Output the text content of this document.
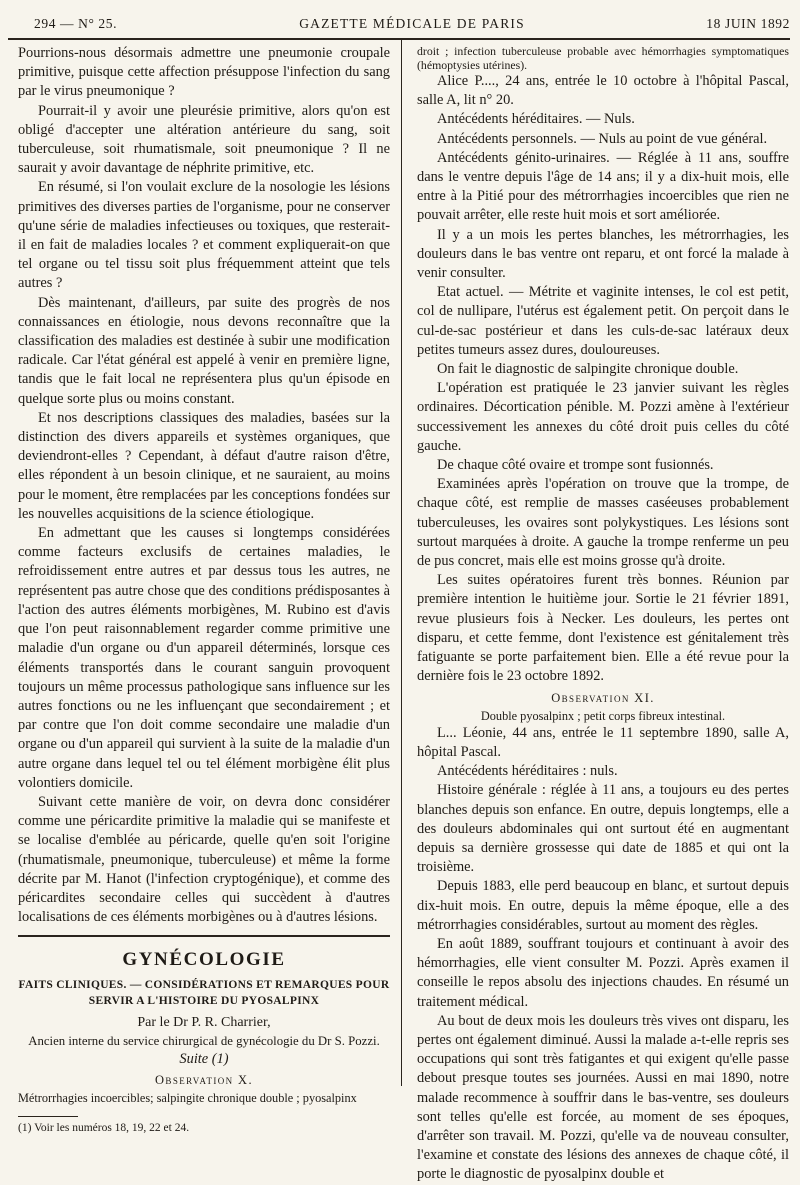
294 — N° 25.	GAZETTE MÉDICALE DE PARIS	18 JUIN 1892

Pourrions-nous désormais admettre une pneumonie croupale primitive, puisque cette affection présuppose l'infection du sang par le virus pneumonique ?

Pourrait-il y avoir une pleurésie primitive, alors qu'on est obligé d'accepter une altération antérieure du sang, soit tuberculeuse, soit rhumatismale, soit pneumonique ? Il ne saurait y avoir davantage de néphrite primitive, etc.

En résumé, si l'on voulait exclure de la nosologie les lésions primitives des diverses parties de l'organisme, pour ne conserver qu'une série de maladies infectieuses ou toxiques, que resterait-il en fait de maladies locales ? et comment expliquerait-on que tel organe ou tel tissu soit plus fréquemment atteint que tels autres ?

Dès maintenant, d'ailleurs, par suite des progrès de nos connaissances en étiologie, nous devons reconnaître que la classification des maladies est destinée à subir une modification radicale. Car l'état général est appelé à venir en première ligne, tandis que le fait local ne représentera plus qu'un épisode en quelque sorte plus ou moins constant.

Et nos descriptions classiques des maladies, basées sur la distinction des divers appareils et systèmes organiques, que deviendront-elles ? Cependant, à défaut d'autre raison d'être, elles répondent à un besoin clinique, et ne sauraient, au moins pour le moment, être remplacées par les conceptions fondées sur les nouvelles acquisitions de la science étiologique.

En admettant que les causes si longtemps considérées comme facteurs exclusifs de certaines maladies, le refroidissement entre autres et par dessus tous les autres, ne représentent pas autre chose que des conditions prédisposantes à l'action des autres éléments morbigènes, M. Rubino est d'avis que l'on peut raisonnablement regarder comme primitive une maladie d'un organe ou d'un appareil déterminés, lorsque ces éléments transportés dans le courant sanguin provoquent toujours un même processus pathologique sans influence sur les autres fonctions ou ne les influençant que secondairement ; et par contre que l'on doit comme secondaire une maladie d'un organe ou d'un appareil qui survient à la suite de la maladie d'un autre organe dans lequel tel ou tel élément morbigène élit plus volontiers domicile.

Suivant cette manière de voir, on devra donc considérer comme une péricardite primitive la maladie qui se manifeste et se localise d'emblée au péricarde, quelle qu'en soit l'origine (rhumatismale, pneumonique, tuberculeuse) et même la forme décrite par M. Hanot (l'infection cryptogénique), et comme des péricardites secondaire celles qui succèdent à d'autres localisations de ces éléments morbigènes ou à d'autres lésions.

GYNÉCOLOGIE
FAITS CLINIQUES. — CONSIDÉRATIONS ET REMARQUES POUR SERVIR A L'HISTOIRE DU PYOSALPINX

Par le Dr P. R. Charrier,

Ancien interne du service chirurgical de gynécologie du Dr S. Pozzi.

Suite (1)

Observation X.

Métrorrhagies incoercibles; salpingite chronique double ; pyosalpinx

(1) Voir les numéros 18, 19, 22 et 24.

droit ; infection tuberculeuse probable avec hémorrhagies symptomatiques (hémoptysies utérines).

Alice P...., 24 ans, entrée le 10 octobre à l'hôpital Pascal, salle A, lit n° 20.

Antécédents héréditaires. — Nuls.

Antécédents personnels. — Nuls au point de vue général.

Antécédents génito-urinaires. — Réglée à 11 ans, souffre dans le ventre depuis l'âge de 14 ans; il y a dix-huit mois, elle entre à la Pitié pour des métrorrhagies incoercibles que rien ne pouvait arrêter, elle reste huit mois et sort améliorée.

Il y a un mois les pertes blanches, les métrorrhagies, les douleurs dans le bas ventre ont reparu, et ont forcé la malade à venir consulter.

Etat actuel. — Métrite et vaginite intenses, le col est petit, col de nullipare, l'utérus est également petit. On perçoit dans le cul-de-sac postérieur et dans les culs-de-sac latéraux deux petites tumeurs assez dures, douloureuses.

On fait le diagnostic de salpingite chronique double.

L'opération est pratiquée le 23 janvier suivant les règles ordinaires. Décortication pénible. M. Pozzi amène à l'extérieur successivement les annexes du côté droit puis celles du côté gauche.

De chaque côté ovaire et trompe sont fusionnés.

Examinées après l'opération on trouve que la trompe, de chaque côté, est remplie de masses caséeuses probablement tuberculeuses, les ovaires sont polykystiques. Les lésions sont surtout marquées à droite. A gauche la trompe renferme un peu de pus concret, mais elle est moins grosse qu'à droite.

Les suites opératoires furent très bonnes. Réunion par première intention le huitième jour. Sortie le 21 février 1891, revue plusieurs fois à Necker. Les douleurs, les pertes ont disparu, et cette femme, dont l'existence est génitalement très fatiguante se porte parfaitement bien. Elle a été revue pour la dernière fois le 23 octobre 1892.

Observation XI.

Double pyosalpinx ; petit corps fibreux intestinal.

L... Léonie, 44 ans, entrée le 11 septembre 1890, salle A, hôpital Pascal.

Antécédents héréditaires : nuls.

Histoire générale : réglée à 11 ans, a toujours eu des pertes blanches depuis son enfance. En outre, depuis longtemps, elle a des douleurs abdominales qui ont surtout été en augmentant depuis sa dernière grossesse qui date de 1885 et qui ont la troisième.

Depuis 1883, elle perd beaucoup en blanc, et surtout depuis dix-huit mois. En outre, depuis la même époque, elle a des métrorrhagies considérables, surtout au moment des règles.

En août 1889, souffrant toujours et continuant à avoir des hémorrhagies, elle vient consulter M. Pozzi. Après examen il conseille le repos absolu des injections chaudes. En résumé un traitement médical.

Au bout de deux mois les douleurs très vives ont disparu, les pertes ont également diminué. Aussi la malade a-t-elle repris ses occupations qui sont très fatigantes et qui exigent qu'elle passe debout presque toutes ses journées. Aussi en mai 1890, notre malade recommence à souffrir dans le bas-ventre, ses douleurs sont telles qu'elle est forcée, au moment de ses époques, d'arrêter son travail. M. Pozzi, qu'elle va de nouveau consulter, l'examine et constate des lésions des annexes de chaque côté, il porte le diagnostic de pyosalpinx double et
